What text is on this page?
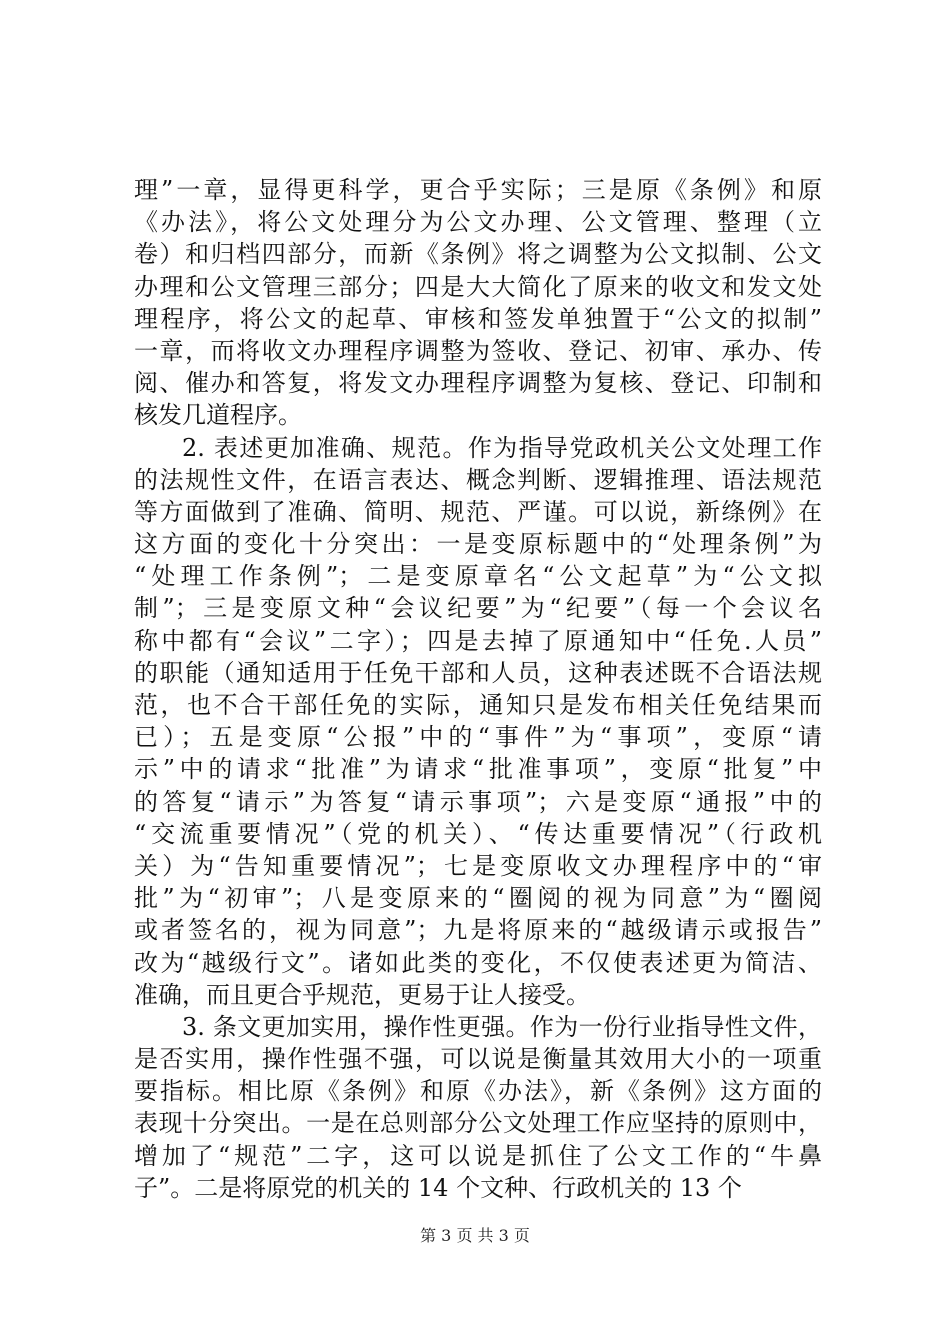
理”一章，显得更科学，更合乎实际；三是原《条例》和原
《办法》，将公文处理分为公文办理、公文管理、整理（立
卷）和归档四部分，而新《条例》将之调整为公文拟制、公文
办理和公文管理三部分；四是大大简化了原来的收文和发文处
理程序，将公文的起草、审核和签发单独置于“公文的拟制”
一章，而将收文办理程序调整为签收、登记、初审、承办、传
阅、催办和答复，将发文办理程序调整为复核、登记、印制和
核发几道程序。
2. 表述更加准确、规范。作为指导党政机关公文处理工作
的法规性文件，在语言表达、概念判断、逻辑推理、语法规范
等方面做到了准确、简明、规范、严谨。可以说，新绦例》在
这方面的变化十分突出：一是变原标题中的“处理条例”为
“处理工作条例”；二是变原章名“公文起草”为“公文拟
制”；三是变原文种“会议纪要”为“纪要”（每一个会议名
称中都有“会议”二字）；四是去掉了原通知中“任免.人员”
的职能（通知适用于任免干部和人员，这种表述既不合语法规
范，也不合干部任免的实际，通知只是发布相关任免结果而
已）；五是变原“公报”中的“事件”为“事项”，变原“请
示”中的请求“批准”为请求“批准事项”，变原“批复”中
的答复“请示”为答复“请示事项”；六是变原“通报”中的
“交流重要情况”（党的机关）、“传达重要情况”（行政机
关）为“告知重要情况”；七是变原收文办理程序中的“审
批”为“初审”；八是变原来的“圈阅的视为同意”为“圈阅
或者签名的，视为同意”；九是将原来的“越级请示或报告”
改为“越级行文”。诸如此类的变化，不仅使表述更为简洁、
准确，而且更合乎规范，更易于让人接受。
3. 条文更加实用，操作性更强。作为一份行业指导性文件，
是否实用，操作性强不强，可以说是衡量其效用大小的一项重
要指标。相比原《条例》和原《办法》，新《条例》这方面的
表现十分突出。一是在总则部分公文处理工作应坚持的原则中，
增加了“规范”二字，这可以说是抓住了公文工作的“牛鼻
子”。二是将原党的机关的 14 个文种、行政机关的 13 个
第 3 页 共 3 页
